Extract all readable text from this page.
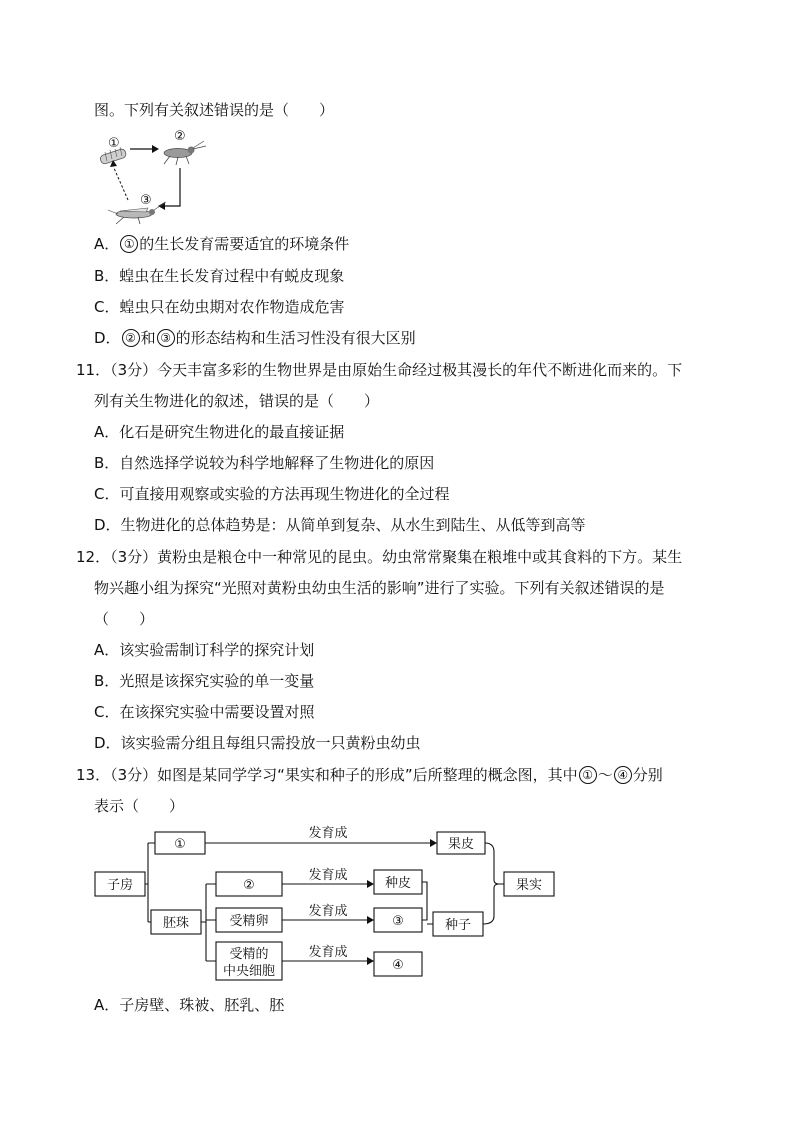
图。下列有关叙述错误的是（　　）
①	②
③
A． ① 的生长发育需要适宜的环境条件
B．蝗虫在生长发育过程中有蜕皮现象
C．蝗虫只在幼虫期对农作物造成危害
D． ② 和 ③ 的形态结构和生活习性没有很大区别
11．（3分）今天丰富多彩的生物世界是由原始生命经过极其漫长的年代不断进化而来的。下
列有关生物进化的叙述，错误的是（　　）
A．化石是研究生物进化的最直接证据
B．自然选择学说较为科学地解释了生物进化的原因
C．可直接用观察或实验的方法再现生物进化的全过程
D．生物进化的总体趋势是：从简单到复杂、从水生到陆生、从低等到高等
12．（3分）黄粉虫是粮仓中一种常见的昆虫。幼虫常常聚集在粮堆中或其食料的下方。某生
物兴趣小组为探究“光照对黄粉虫幼虫生活的影响”进行了实验。下列有关叙述错误的是
（　　）
A．该实验需制订科学的探究计划
B．光照是该探究实验的单一变量
C．在该探究实验中需要设置对照
D．该实验需分组且每组只需投放一只黄粉虫幼虫
13．（3分）如图是某同学学习“果实和种子的形成”后所整理的概念图，其中 ① ～ ④ 分别
表示（　　）
子房
①
胚珠
②
受精卵
受精的
中央细胞
果皮
种皮
③
④
种子
果实
发育成
发育成
发育成
发育成
A．子房壁、珠被、胚乳、胚
